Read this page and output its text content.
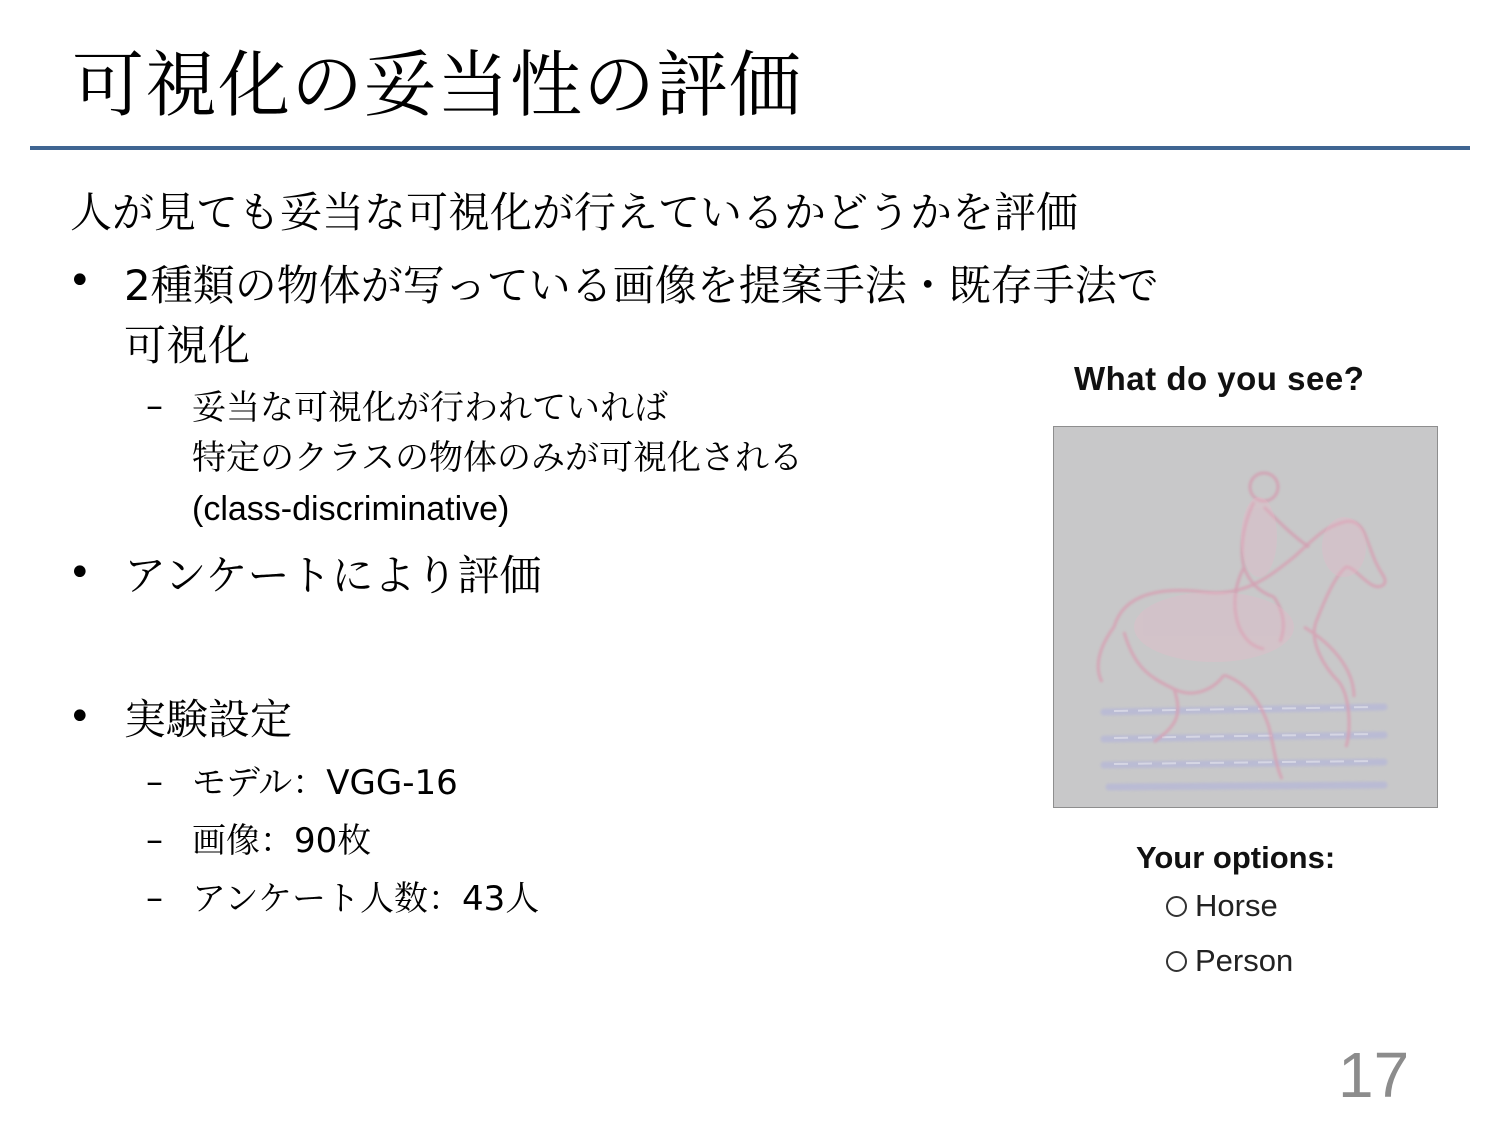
可視化の妥当性の評価
人が見ても妥当な可視化が行えているかどうかを評価
• 2種類の物体が写っている画像を提案手法・既存手法で
可視化
– 妥当な可視化が行われていれば
特定のクラスの物体のみが可視化される
(class-discriminative)
• アンケートにより評価
• 実験設定
– モデル：VGG-16
– 画像：90枚
– アンケート人数：43人
What do you see?
Your options:
Horse
Person
17
